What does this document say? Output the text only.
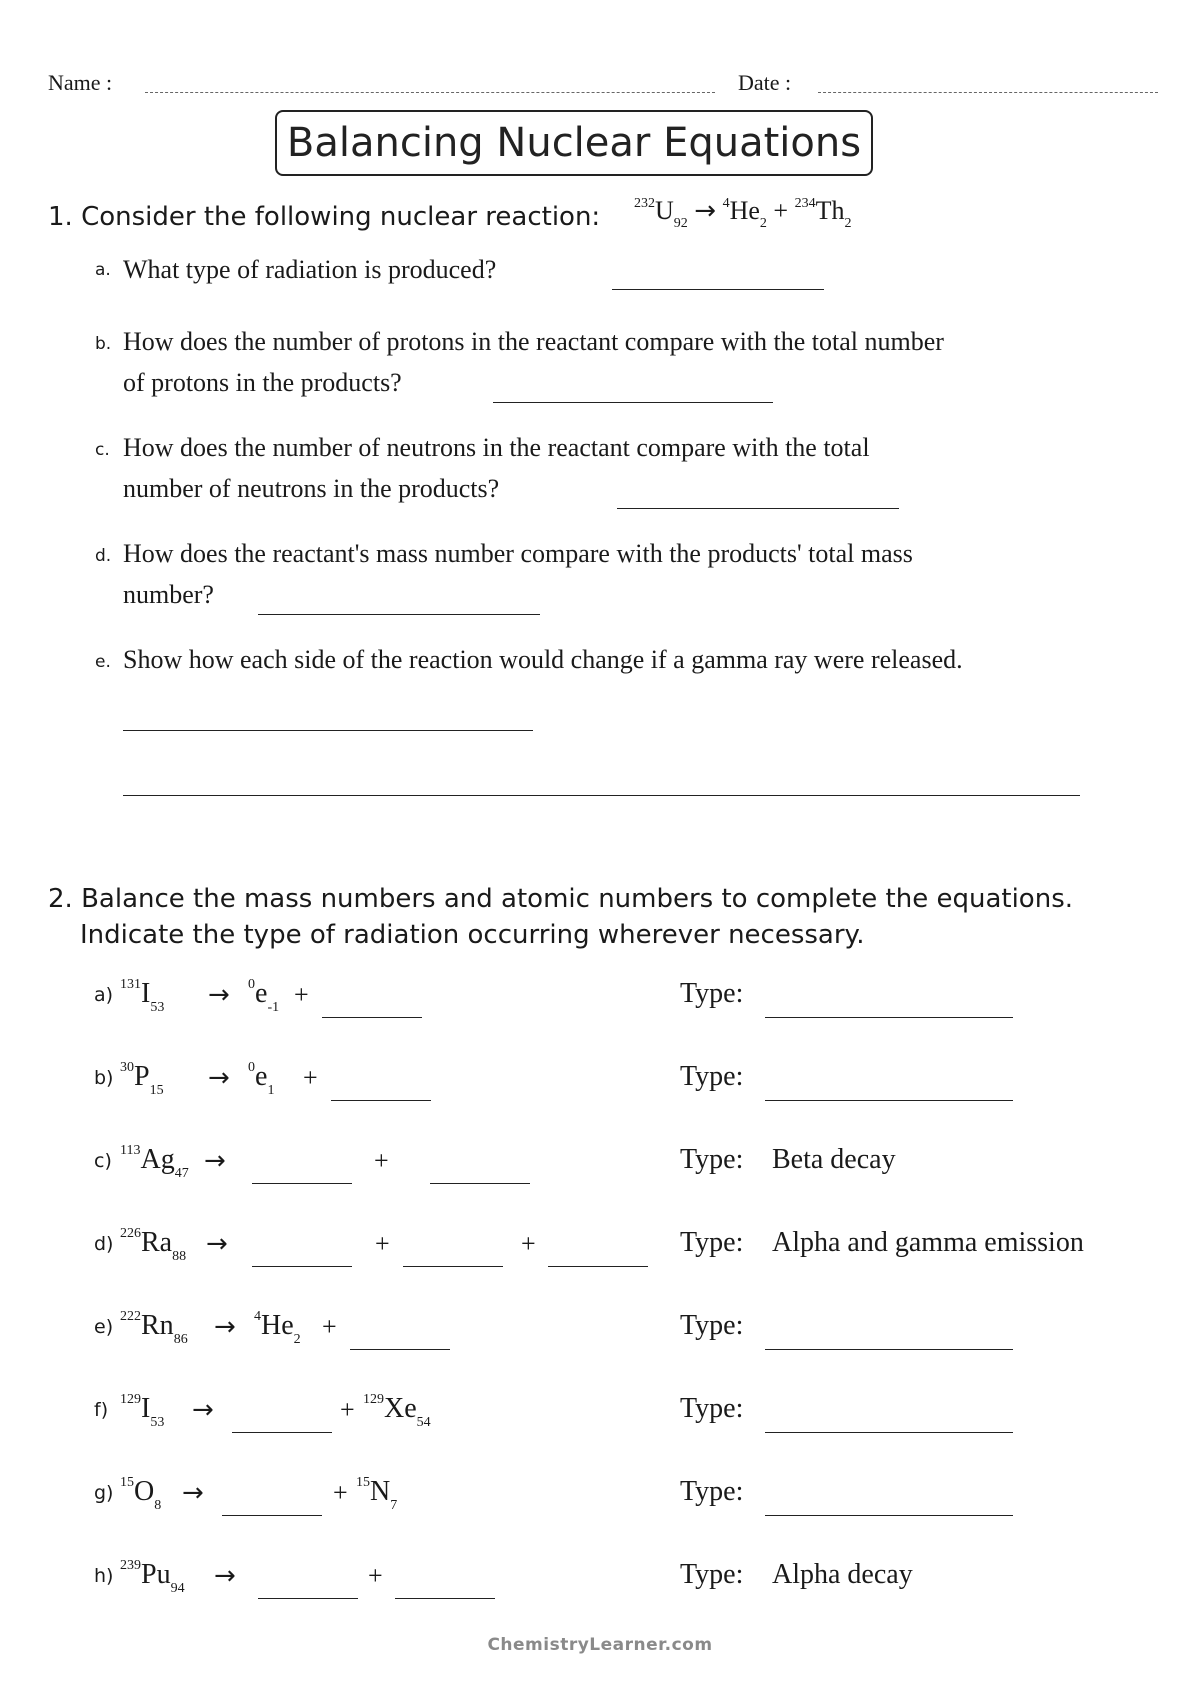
Name :	Date :
Balancing Nuclear Equations
1. Consider the following nuclear reaction: $^{232}U_{92} \to ^4He_2 + ^{234}Th_2$
a. What type of radiation is produced?
b. How does the number of protons in the reactant compare with the total number
of protons in the products?
c. How does the number of neutrons in the reactant compare with the total
number of neutrons in the products?
d. How does the reactant's mass number compare with the products' total mass
number?
e. Show how each side of the reaction would change if a gamma ray were released.
2. Balance the mass numbers and atomic numbers to complete the equations.
Indicate the type of radiation occurring wherever necessary.
a) $^{131}I_{53} \to ^0e_{-1}$ +	Type:
b) $^{30}P_{15} \to ^0e_1$ +	Type:
c) $^{113}Ag_{47}$ →	+	Type: Beta decay
d) $^{226}Ra_{88}$ →	+	+	Type: Alpha and gamma emission
e) $^{222}Rn_{86} \to ^4He_2$ +	Type:
f) $^{129}I_{53}$ →	+ $^{129}Xe_{54}$	Type:
g) $^{15}O_8$ →	+ $^{15}N_7$	Type:
h) $^{239}Pu_{94}$ →	+	Type: Alpha decay
ChemistryLearner.com
